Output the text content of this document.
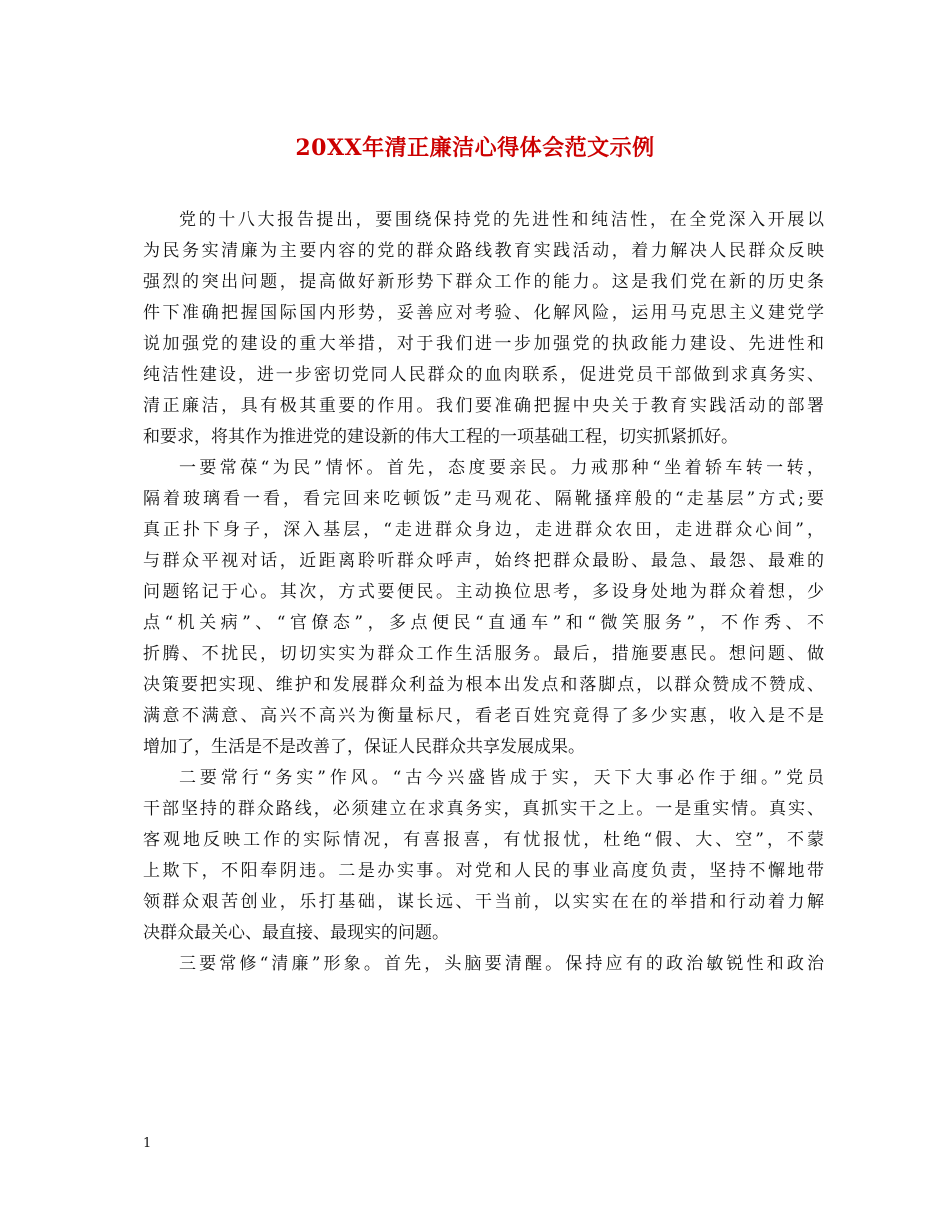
20XX年清正廉洁心得体会范文示例
党的十八大报告提出，要围绕保持党的先进性和纯洁性，在全党深入开展以
为民务实清廉为主要内容的党的群众路线教育实践活动，着力解决人民群众反映
强烈的突出问题，提高做好新形势下群众工作的能力。这是我们党在新的历史条
件下准确把握国际国内形势，妥善应对考验、化解风险，运用马克思主义建党学
说加强党的建设的重大举措，对于我们进一步加强党的执政能力建设、先进性和
纯洁性建设，进一步密切党同人民群众的血肉联系，促进党员干部做到求真务实、
清正廉洁，具有极其重要的作用。我们要准确把握中央关于教育实践活动的部署
和要求，将其作为推进党的建设新的伟大工程的一项基础工程，切实抓紧抓好。
一要常葆“为民”情怀。首先，态度要亲民。力戒那种“坐着轿车转一转，
隔着玻璃看一看，看完回来吃顿饭”走马观花、隔靴搔痒般的“走基层”方式;要
真正扑下身子，深入基层，“走进群众身边，走进群众农田，走进群众心间”，
与群众平视对话，近距离聆听群众呼声，始终把群众最盼、最急、最怨、最难的
问题铭记于心。其次，方式要便民。主动换位思考，多设身处地为群众着想，少
点“机关病”、“官僚态”，多点便民“直通车”和“微笑服务”，不作秀、不
折腾、不扰民，切切实实为群众工作生活服务。最后，措施要惠民。想问题、做
决策要把实现、维护和发展群众利益为根本出发点和落脚点，以群众赞成不赞成、
满意不满意、高兴不高兴为衡量标尺，看老百姓究竟得了多少实惠，收入是不是
增加了，生活是不是改善了，保证人民群众共享发展成果。
二要常行“务实”作风。“古今兴盛皆成于实，天下大事必作于细。”党员
干部坚持的群众路线，必须建立在求真务实，真抓实干之上。一是重实情。真实、
客观地反映工作的实际情况，有喜报喜，有忧报忧，杜绝“假、大、空”，不蒙
上欺下，不阳奉阴违。二是办实事。对党和人民的事业高度负责，坚持不懈地带
领群众艰苦创业，乐打基础，谋长远、干当前，以实实在在的举措和行动着力解
决群众最关心、最直接、最现实的问题。
三要常修“清廉”形象。首先，头脑要清醒。保持应有的政治敏锐性和政治
1
